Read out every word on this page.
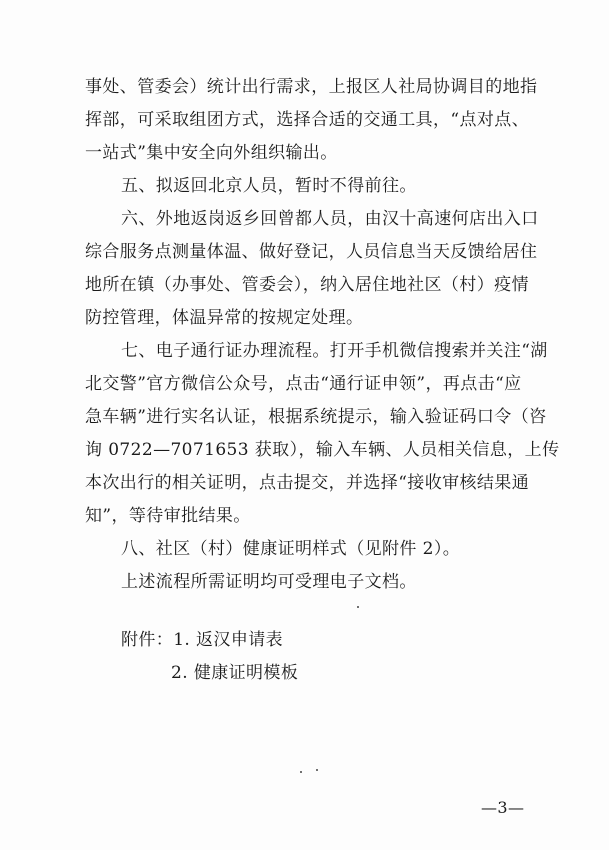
事处、管委会）统计出行需求，上报区人社局协调目的地指
挥部，可采取组团方式，选择合适的交通工具，“点对点、
一站式”集中安全向外组织输出。
五、拟返回北京人员，暂时不得前往。
六、外地返岗返乡回曾都人员，由汉十高速何店出入口
综合服务点测量体温、做好登记，人员信息当天反馈给居住
地所在镇（办事处、管委会），纳入居住地社区（村）疫情
防控管理，体温异常的按规定处理。
七、电子通行证办理流程。打开手机微信搜索并关注“湖
北交警”官方微信公众号，点击“通行证申领”，再点击“应
急车辆”进行实名认证，根据系统提示，输入验证码口令（咨
询 0722—7071653 获取），输入车辆、人员相关信息，上传
本次出行的相关证明，点击提交，并选择“接收审核结果通
知”，等待审批结果。
八、社区（村）健康证明样式（见附件 2）。
上述流程所需证明均可受理电子文档。
附件：1. 返汉申请表
2. 健康证明模板
—3—
